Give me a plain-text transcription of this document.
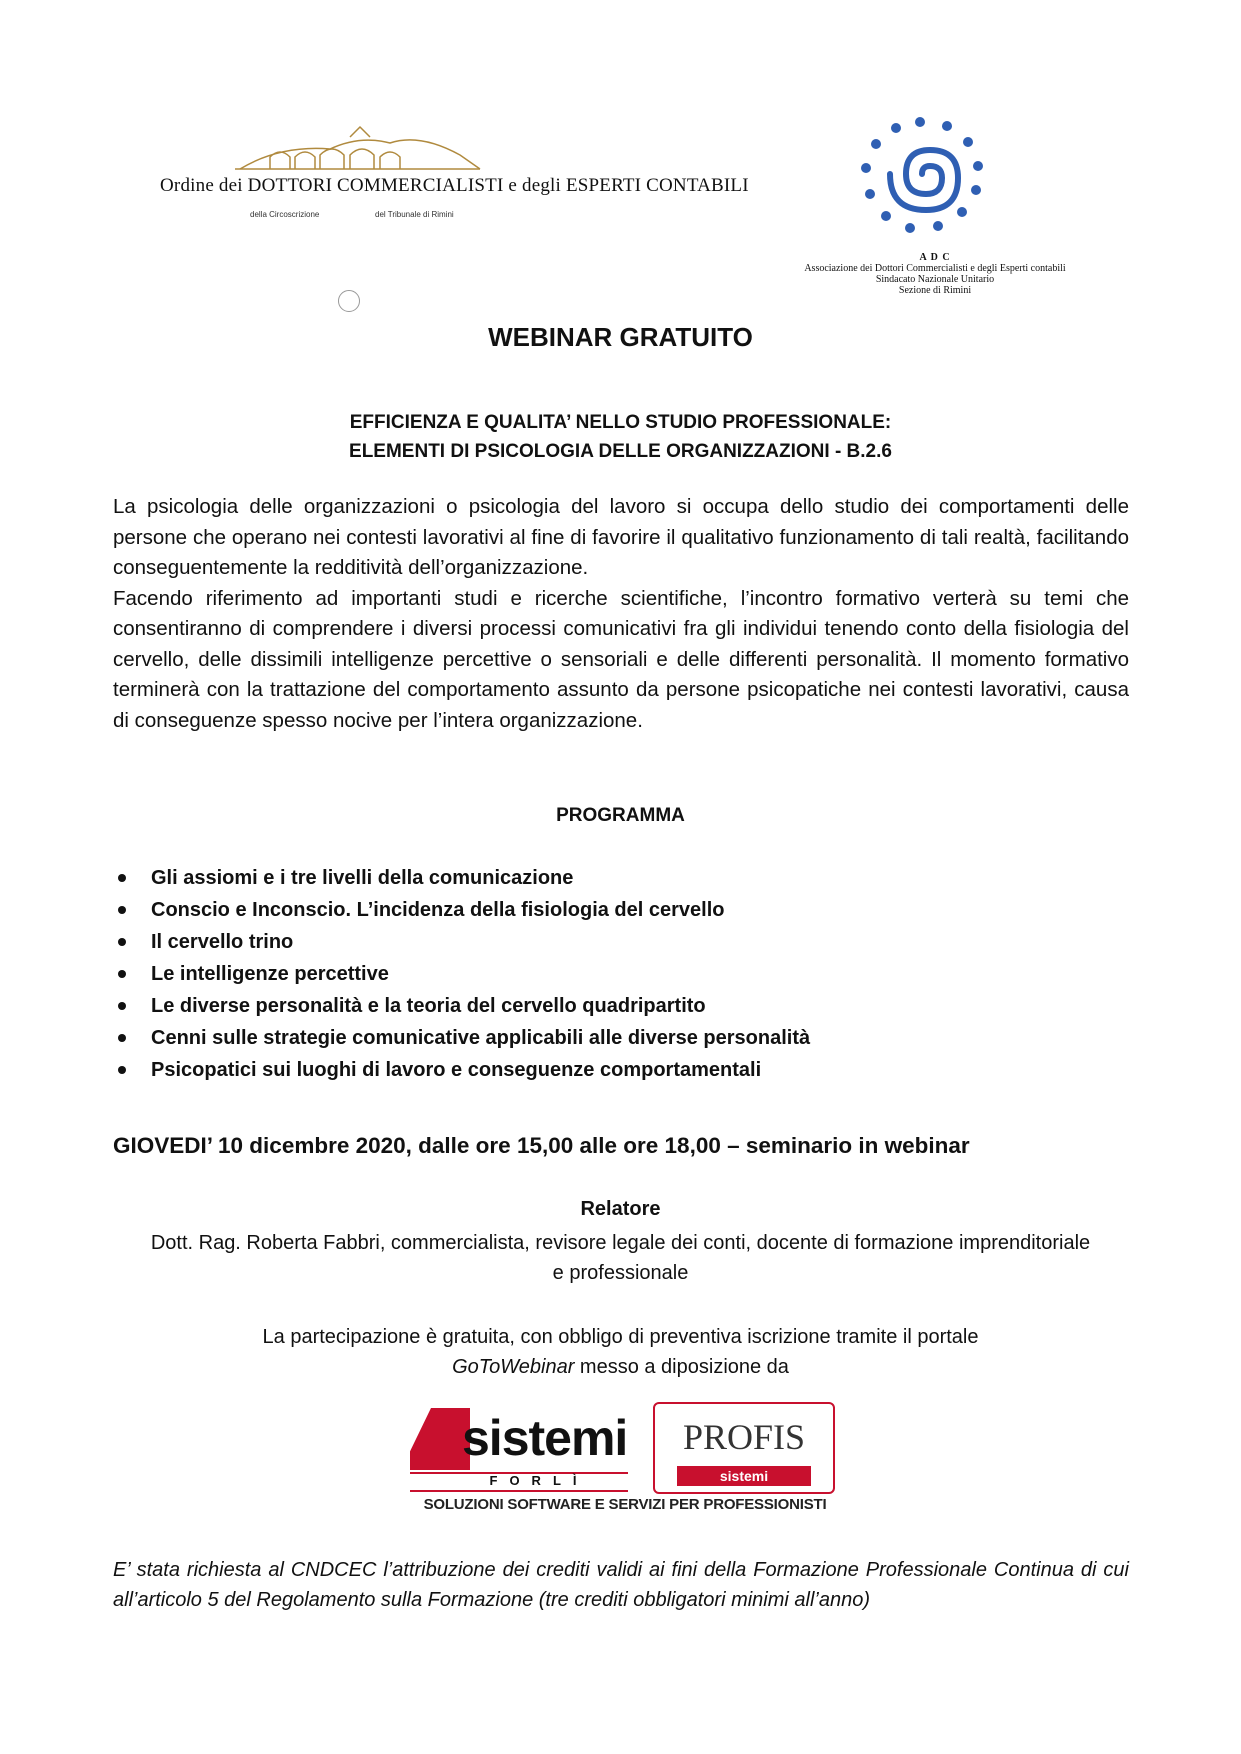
Ordine dei DOTTORI COMMERCIALISTI e degli ESPERTI CONTABILI
della Circoscrizione	del Tribunale di Rimini
A D C
Associazione dei Dottori Commercialisti e degli Esperti contabili
Sindacato Nazionale Unitario
Sezione di Rimini
WEBINAR GRATUITO
EFFICIENZA E QUALITA’ NELLO STUDIO PROFESSIONALE:
ELEMENTI DI PSICOLOGIA DELLE ORGANIZZAZIONI - B.2.6

La psicologia delle organizzazioni o psicologia del lavoro si occupa dello studio dei comportamenti delle persone che operano nei contesti lavorativi al fine di favorire il qualitativo funzionamento di tali realtà, facilitando conseguentemente la redditività dell’organizzazione.

Facendo riferimento ad importanti studi e ricerche scientifiche, l’incontro formativo verterà su temi che consentiranno di comprendere i diversi processi comunicativi fra gli individui tenendo conto della fisiologia del cervello, delle dissimili intelligenze percettive o sensoriali e delle differenti personalità. Il momento formativo terminerà con la trattazione del comportamento assunto da persone psicopatiche nei contesti lavorativi, causa di conseguenze spesso nocive per l’intera organizzazione.

PROGRAMMA
Gli assiomi e i tre livelli della comunicazione
Conscio e Inconscio. L’incidenza della fisiologia del cervello
Il cervello trino
Le intelligenze percettive
Le diverse personalità e la teoria del cervello quadripartito
Cenni sulle strategie comunicative applicabili alle diverse personalità
Psicopatici sui luoghi di lavoro e conseguenze comportamentali
GIOVEDI’ 10 dicembre 2020, dalle ore 15,00 alle ore 18,00 – seminario in webinar
Relatore
Dott. Rag. Roberta Fabbri, commercialista, revisore legale dei conti, docente di formazione imprenditoriale e professionale
La partecipazione è gratuita, con obbligo di preventiva iscrizione tramite il portale
GoToWebinar messo a diposizione da
sistemi
FORLÌ
PROFIS
sistemi
SOLUZIONI SOFTWARE E SERVIZI PER PROFESSIONISTI
E’ stata richiesta al CNDCEC l’attribuzione dei crediti validi ai fini della Formazione Professionale Continua di cui all’articolo 5 del Regolamento sulla Formazione (tre crediti obbligatori minimi all’anno)
